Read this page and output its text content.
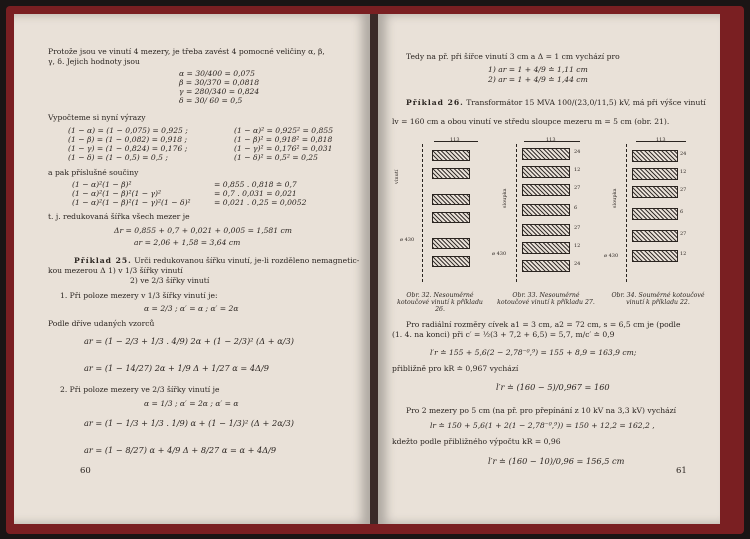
Protože jsou ve vinutí 4 mezery, je třeba zavést 4 pomocné veličiny α, β,
γ, δ. Jejich hodnoty jsou
α = 30/400 = 0,075
β = 30/370 = 0,0818
γ = 280/340 = 0,824
δ = 30/ 60 = 0,5
Vypočteme si nyní výrazy
(1 − α) = (1 − 0,075) = 0,925 ;	(1 − α)² = 0,925² = 0,855
(1 − β) = (1 − 0,082) = 0,918 ;	(1 − β)² = 0,918² = 0,818
(1 − γ) = (1 − 0,824) = 0,176 ;	(1 − γ)² = 0,176² = 0,031
(1 − δ) = (1 − 0,5) = 0,5 ;	(1 − δ)² = 0,5² = 0,25
a pak příslušné součiny
(1 − α)²(1 − β)²	= 0,855 . 0,818 ≐ 0,7
(1 − α)²(1 − β)²(1 − γ)²	= 0,7 . 0,031 = 0,021
(1 − α)²(1 − β)²(1 − γ)²(1 − δ)²	= 0,021 . 0,25 = 0,0052
t. j. redukovaná šířka všech mezer je
Δr = 0,855 + 0,7 + 0,021 + 0,005 = 1,581 cm
ar = 2,06 + 1,58 = 3,64 cm
Příklad 25. Urči redukovanou šířku vinutí, je-li rozděleno nemagnetic-
kou mezerou Δ 1) v 1/3 šířky vinutí
2) ve 2/3 šířky vinutí
1. Při poloze mezery v 1/3 šířky vinutí je:
α = 2/3 ; α′ = α ; α′ = 2α
Podle dříve udaných vzorců
ar = (1 − 2/3 + 1/3 . 4/9) 2α + (1 − 2/3)² (Δ + α/3)
ar = (1 − 14/27) 2α + 1/9 Δ + 1/27 α = 4Δ/9
2. Při poloze mezery ve 2/3 šířky vinutí je
α = 1/3 ; α′ = 2α ; α′ = α
ar = (1 − 1/3 + 1/3 . 1/9) α + (1 − 1/3)² (Δ + 2α/3)
ar = (1 − 8/27) α + 4/9 Δ + 8/27 α = α + 4Δ/9
60
Tedy na př. při šířce vinutí 3 cm a Δ = 1 cm vychází pro
1) ar = 1 + 4/9 ≐ 1,11 cm
2) ar = 1 + 4/9 ≐ 1,44 cm
Příklad 26. Transformátor 15 MVA 100/(23,0/11,5) kV, má při výšce vinutí
lv = 160 cm a obou vinutí ve středu sloupce mezeru m = 5 cm (obr. 21).
113
ø 430
vinutí
113
sloupka
24
12
27
6
27
12
24
ø 430
113
sloupka
24
12
27
6
27
12
ø 430
Obr. 32. Nesouměrné kotoučové vinutí k příkladu 26.
Obr. 33. Nesouměrné kotoučové vinutí k příkladu 27.
Obr. 34. Souměrné kotoučové vinutí k příkladu 22.
Pro radiální rozměry cívek a1 = 3 cm, a2 = 72 cm, s = 6,5 cm je (podle
(1. 4. na konci) při c′ = ½(3 + 7,2 + 6,5) = 5,7, m/c′ ≐ 0,9
l′r ≐ 155 + 5,6(2 − 2,78⁻⁰,⁹) = 155 + 8,9 = 163,9 cm;
přibližně pro kR ≐ 0,967 vychází
l′r ≐ (160 − 5)/0,967 = 160
Pro 2 mezery po 5 cm (na př. pro přepínání z 10 kV na 3,3 kV) vychází
lr ≐ 150 + 5,6(1 + 2(1 − 2,78⁻⁰,⁹)) = 150 + 12,2 = 162,2 ,
kdežto podle přibližného výpočtu kR = 0,96
l′r ≐ (160 − 10)/0,96 = 156,5 cm
61
